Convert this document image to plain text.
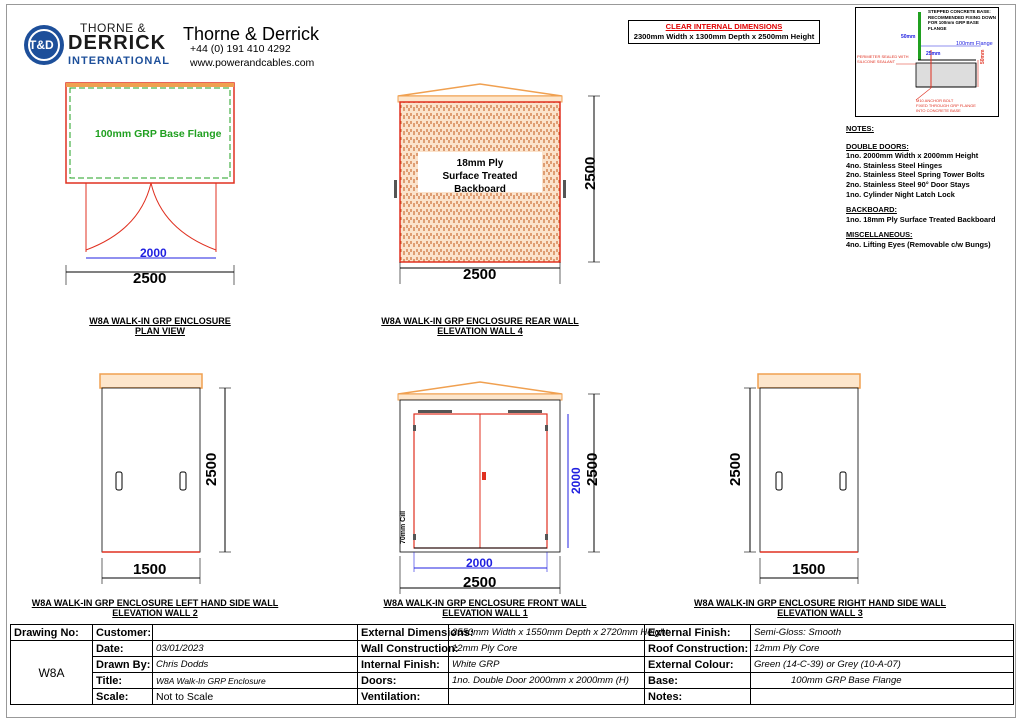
T&D
THORNE &
DERRICK
INTERNATIONAL
Thorne & Derrick
+44 (0) 191 410 4292
www.powerandcables.com
CLEAR INTERNAL DIMENSIONS
2300mm Width x 1300mm Depth x 2500mm Height
STEPPED CONCRETE BASE:
RECOMMENDED FIXING DOWN
FOR 100mm GRP BASE FLANGE
50mm
100mm Flange
25mm	50mm
PERIMETER SEALED WITH
SILICONE SEALANT
M10 ANCHOR BOLT
FIXED THROUGH GRP FLANGE
INTO CONCRETE BASE
NOTES:
DOUBLE DOORS:
1no. 2000mm Width x 2000mm Height
4no. Stainless Steel Hinges
2no. Stainless Steel Spring Tower Bolts
2no. Stainless Steel 90° Door Stays
1no. Cylinder Night Latch Lock
BACKBOARD:
1no. 18mm Ply Surface Treated Backboard
MISCELLANEOUS:
4no. Lifting Eyes (Removable c/w Bungs)
100mm GRP Base Flange
2000
2500
W8A WALK-IN GRP ENCLOSURE
PLAN VIEW
18mm Ply
Surface Treated Backboard	2500
2500
W8A WALK-IN GRP ENCLOSURE REAR WALL
ELEVATION WALL 4
2500
1500
W8A WALK-IN GRP ENCLOSURE LEFT HAND SIDE WALL
ELEVATION WALL 2
70mm Cill
2000 2500
2000
2500
W8A WALK-IN GRP ENCLOSURE FRONT WALL
ELEVATION WALL 1
2500
1500
W8A WALK-IN GRP ENCLOSURE RIGHT HAND SIDE WALL
ELEVATION WALL 3
Drawing No:	Customer:		External Dimensions:	2550mm Width x 1550mm Depth x 2720mm Height	External Finish:	Semi-Gloss: Smooth
W8A	Date:	03/01/2023	Wall Construction:	12mm Ply Core	Roof Construction:	12mm Ply Core
	Drawn By:	Chris Dodds	Internal Finish:	White GRP	External Colour:	Green (14-C-39) or Grey (10-A-07)
	Title:	W8A Walk-In GRP Enclosure	Doors:	1no. Double Door 2000mm x 2000mm (H)	Base:	100mm GRP Base Flange
	Scale:	Not to Scale	Ventilation:		Notes:	
